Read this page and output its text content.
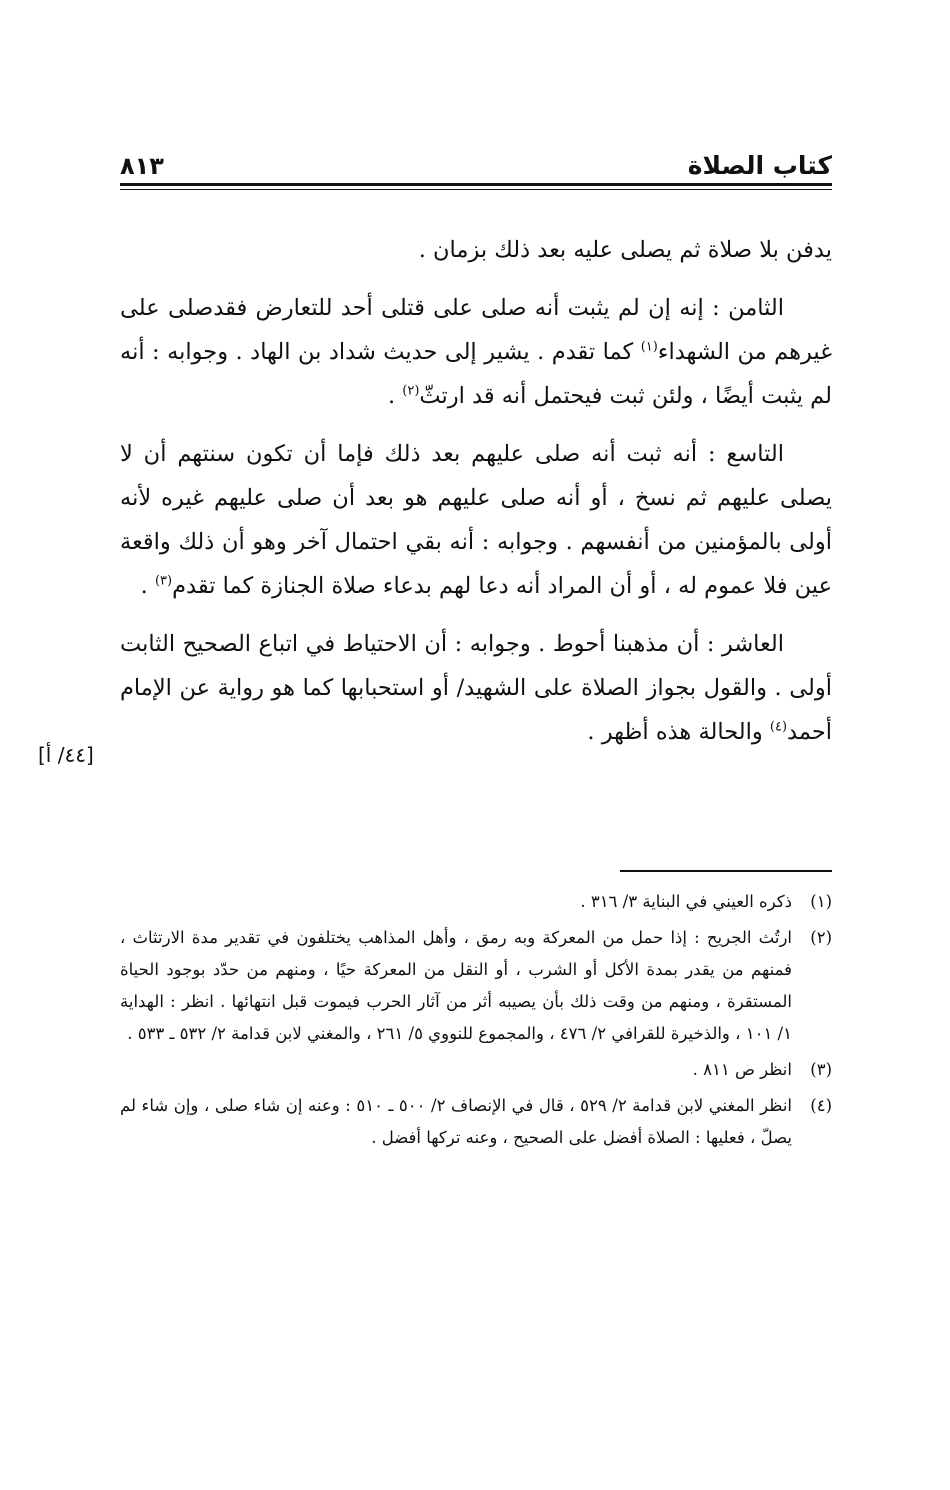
كتاب الصلاة
٨١٣

يدفن بلا صلاة ثم يصلى عليه بعد ذلك بزمان .

الثامن : إنه إن لم يثبت أنه صلى على قتلى أحد للتعارض فقدصلى على غيرهم من الشهداء$^{(١)}$ كما تقدم . يشير إلى حديث شداد بن الهاد . وجوابه : أنه لم يثبت أيضًا ، ولئن ثبت فيحتمل أنه قد ارتثّ$^{(٢)}$ .

التاسع : أنه ثبت أنه صلى عليهم بعد ذلك فإما أن تكون سنتهم أن لا يصلى عليهم ثم نسخ ، أو أنه صلى عليهم هو بعد أن صلى عليهم غيره لأنه أولى بالمؤمنين من أنفسهم . وجوابه : أنه بقي احتمال آخر وهو أن ذلك واقعة عين فلا عموم له ، أو أن المراد أنه دعا لهم بدعاء صلاة الجنازة كما تقدم$^{(٣)}$ .

العاشر : أن مذهبنا أحوط . وجوابه : أن الاحتياط في اتباع الصحيح الثابت أولى . والقول بجواز الصلاة على الشهيد/ أو استحبابها كما هو رواية عن الإمام أحمد$^{(٤)}$ والحالة هذه أظهر .

[٤٤/ أ]
(١)
ذكره العيني في البناية ٣/ ٣١٦ .
(٢)
ارتُث الجريح : إذا حمل من المعركة وبه رمق ، وأهل المذاهب يختلفون في تقدير مدة الارتثاث ، فمنهم من يقدر بمدة الأكل أو الشرب ، أو النقل من المعركة حيًا ، ومنهم من حدّد بوجود الحياة المستقرة ، ومنهم من وقت ذلك بأن يصيبه أثر من آثار الحرب فيموت قبل انتهائها . انظر : الهداية ١/ ١٠١ ، والذخيرة للقرافي ٢/ ٤٧٦ ، والمجموع للنووي ٥/ ٢٦١ ، والمغني لابن قدامة ٢/ ٥٣٢ ـ ٥٣٣ .
(٣)
انظر ص ٨١١ .
(٤)
انظر المغني لابن قدامة ٢/ ٥٢٩ ، قال في الإنصاف ٢/ ٥٠٠ ـ ٥١٠ : وعنه إن شاء صلى ، وإن شاء لم يصلّ ، فعليها : الصلاة أفضل على الصحيح ، وعنه تركها أفضل .
